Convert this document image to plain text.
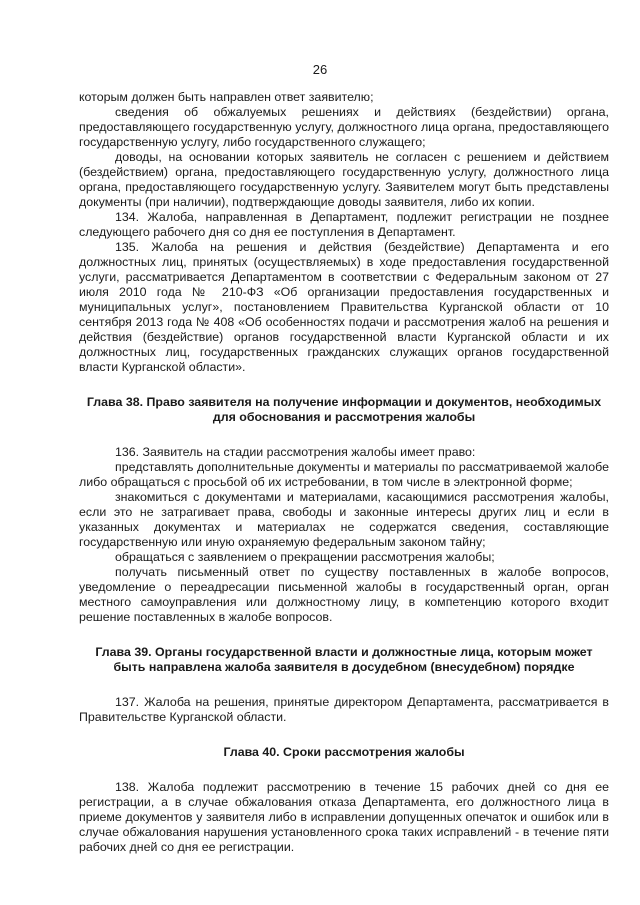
26

которым должен быть направлен ответ заявителю;

сведения об обжалуемых решениях и действиях (бездействии) органа, предоставляющего государственную услугу, должностного лица органа, предоставляющего государственную услугу, либо государственного служащего;

доводы, на основании которых заявитель не согласен с решением и действием (бездействием) органа, предоставляющего государственную услугу, должностного лица органа, предоставляющего государственную услугу. Заявителем могут быть представлены документы (при наличии), подтверждающие доводы заявителя, либо их копии.

134. Жалоба, направленная в Департамент, подлежит регистрации не позднее следующего рабочего дня со дня ее поступления в Департамент.

135. Жалоба на решения и действия (бездействие) Департамента и его должностных лиц, принятых (осуществляемых) в ходе предоставления государственной услуги, рассматривается Департаментом в соответствии с Федеральным законом от 27 июля 2010 года № 210-ФЗ «Об организации предоставления государственных и муниципальных услуг», постановлением Правительства Курганской области от 10 сентября 2013 года № 408 «Об особенностях подачи и рассмотрения жалоб на решения и действия (бездействие) органов государственной власти Курганской области и их должностных лиц, государственных гражданских служащих органов государственной власти Курганской области».

Глава 38. Право заявителя на получение информации и документов, необходимых для обоснования и рассмотрения жалобы

136. Заявитель на стадии рассмотрения жалобы имеет право:

представлять дополнительные документы и материалы по рассматриваемой жалобе либо обращаться с просьбой об их истребовании, в том числе в электронной форме;

знакомиться с документами и материалами, касающимися рассмотрения жалобы, если это не затрагивает права, свободы и законные интересы других лиц и если в указанных документах и материалах не содержатся сведения, составляющие государственную или иную охраняемую федеральным законом тайну;

обращаться с заявлением о прекращении рассмотрения жалобы;

получать письменный ответ по существу поставленных в жалобе вопросов, уведомление о переадресации письменной жалобы в государственный орган, орган местного самоуправления или должностному лицу, в компетенцию которого входит решение поставленных в жалобе вопросов.

Глава 39. Органы государственной власти и должностные лица, которым может быть направлена жалоба заявителя в досудебном (внесудебном) порядке

137. Жалоба на решения, принятые директором Департамента, рассматривается в Правительстве Курганской области.

Глава 40. Сроки рассмотрения жалобы

138. Жалоба подлежит рассмотрению в течение 15 рабочих дней со дня ее регистрации, а в случае обжалования отказа Департамента, его должностного лица в приеме документов у заявителя либо в исправлении допущенных опечаток и ошибок или в случае обжалования нарушения установленного срока таких исправлений - в течение пяти рабочих дней со дня ее регистрации.
